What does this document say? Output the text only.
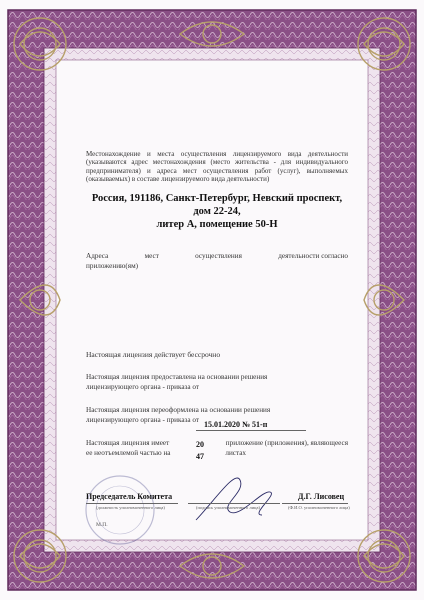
Местонахождение и места осуществления лицензируемого вида деятельности (указываются адрес местонахождения (место жительства - для индивидуального предпринимателя) и адреса мест осуществления работ (услуг), выполняемых (оказываемых) в составе лицензируемого вида деятельности)
Россия, 191186, Санкт-Петербург, Невский проспект, дом 22-24,
литер А, помещение 50-Н
Адреса	мест	осуществления	деятельности согласно
приложению(ям)
Настоящая лицензия действует бессрочно
Настоящая лицензия предоставлена на основании решения
лицензирующего органа - приказа от
Настоящая лицензия переоформлена на основании решения
лицензирующего органа - приказа от 15.01.2020 № 51-п
Настоящая лицензия имеет	приложение (приложения), являющееся
ее неотъемлемой частью на	листах
20
47
Председатель Комитета	Д.Г. Лисовец
(должность уполномоченного лица)	(подпись уполномоченного лица)	(Ф.И.О. уполномоченного лица)
М.П.
